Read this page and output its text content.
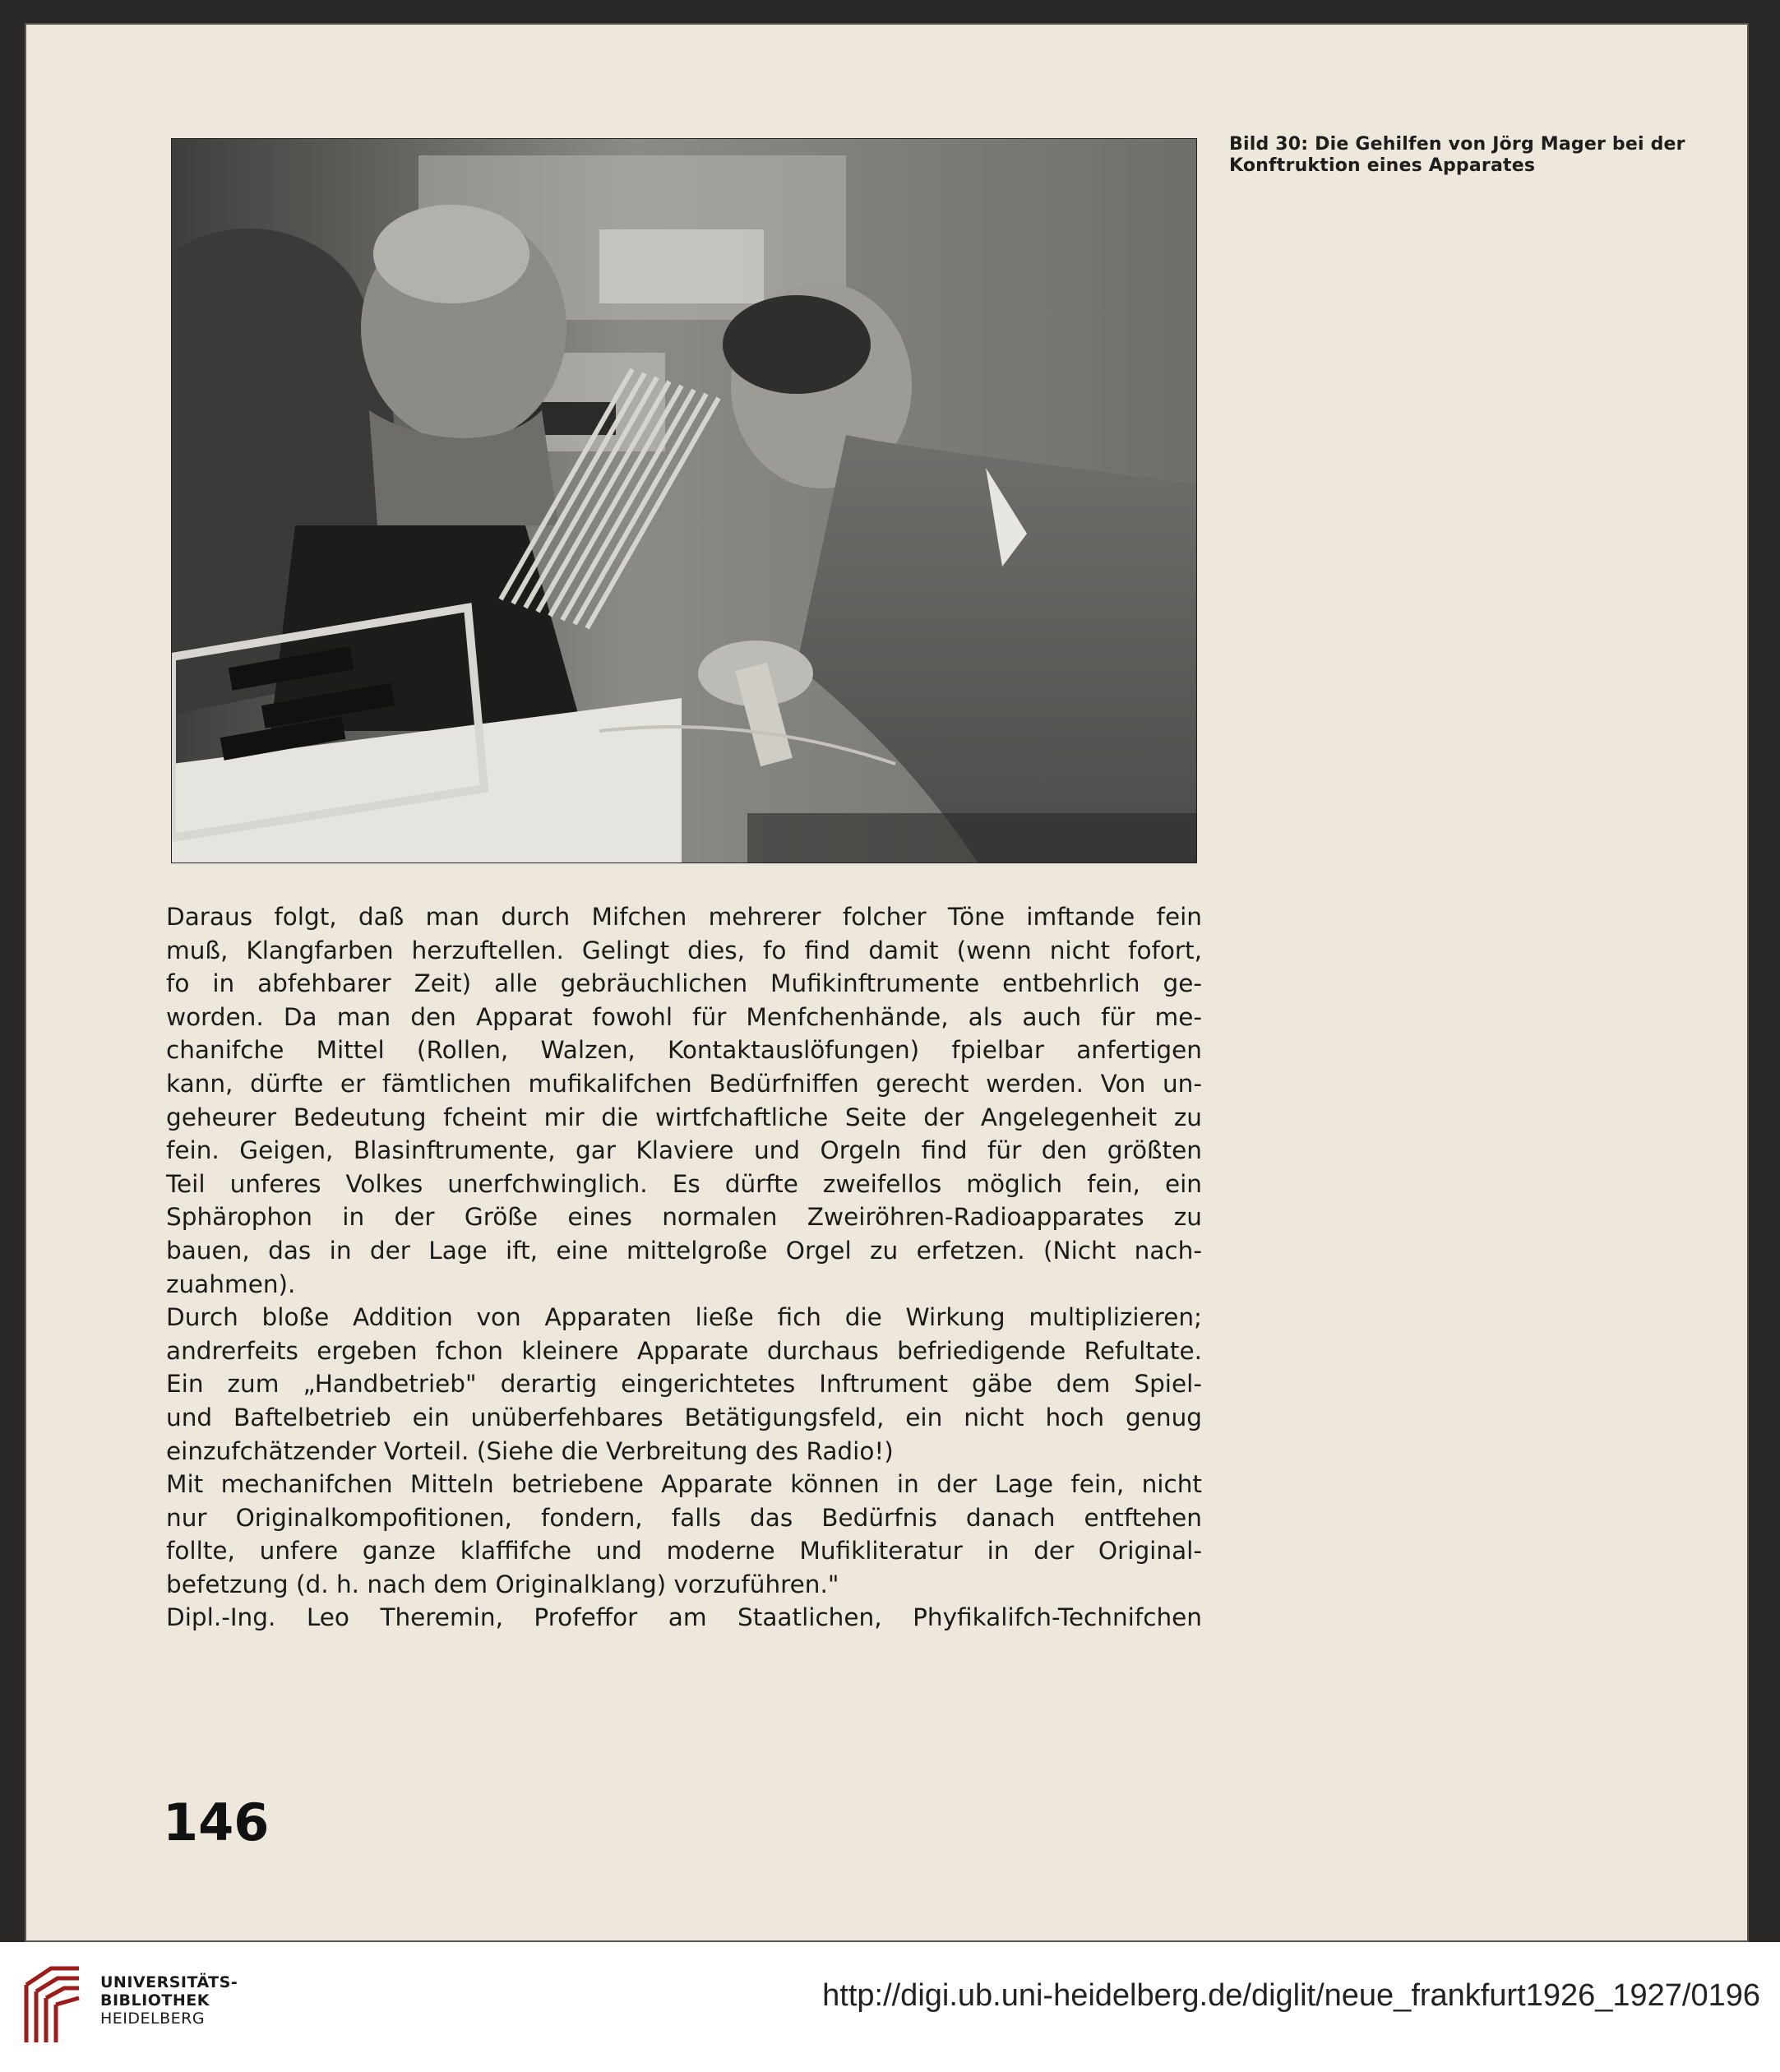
Bild 30: Die Gehilfen von Jörg Mager bei der
Konftruktion eines Apparates
Daraus folgt, daß man durch Mifchen mehrerer folcher Töne imftande fein
muß, Klangfarben herzuftellen. Gelingt dies, fo find damit (wenn nicht fofort,
fo in abfehbarer Zeit) alle gebräuchlichen Mufikinftrumente entbehrlich ge-
worden. Da man den Apparat fowohl für Menfchenhände, als auch für me-
chanifche Mittel (Rollen, Walzen, Kontaktauslöfungen) fpielbar anfertigen
kann, dürfte er fämtlichen mufikalifchen Bedürfniffen gerecht werden. Von un-
geheurer Bedeutung fcheint mir die wirtfchaftliche Seite der Angelegenheit zu
fein. Geigen, Blasinftrumente, gar Klaviere und Orgeln find für den größten
Teil unferes Volkes unerfchwinglich. Es dürfte zweifellos möglich fein, ein
Sphärophon in der Größe eines normalen Zweiröhren-Radioapparates zu
bauen, das in der Lage ift, eine mittelgroße Orgel zu erfetzen. (Nicht nach-
zuahmen).
Durch bloße Addition von Apparaten ließe fich die Wirkung multiplizieren;
andrerfeits ergeben fchon kleinere Apparate durchaus befriedigende Refultate.
Ein zum „Handbetrieb" derartig eingerichtetes Inftrument gäbe dem Spiel-
und Baftelbetrieb ein unüberfehbares Betätigungsfeld, ein nicht hoch genug
einzufchätzender Vorteil. (Siehe die Verbreitung des Radio!)
Mit mechanifchen Mitteln betriebene Apparate können in der Lage fein, nicht
nur Originalkompofitionen, fondern, falls das Bedürfnis danach entftehen
follte, unfere ganze klaffifche und moderne Mufikliteratur in der Original-
befetzung (d. h. nach dem Originalklang) vorzuführen."
Dipl.-Ing. Leo Theremin, Profeffor am Staatlichen, Phyfikalifch-Technifchen
146
UNIVERSITÄTS-
BIBLIOTHEK
HEIDELBERG
http://digi.ub.uni-heidelberg.de/diglit/neue_frankfurt1926_1927/0196
